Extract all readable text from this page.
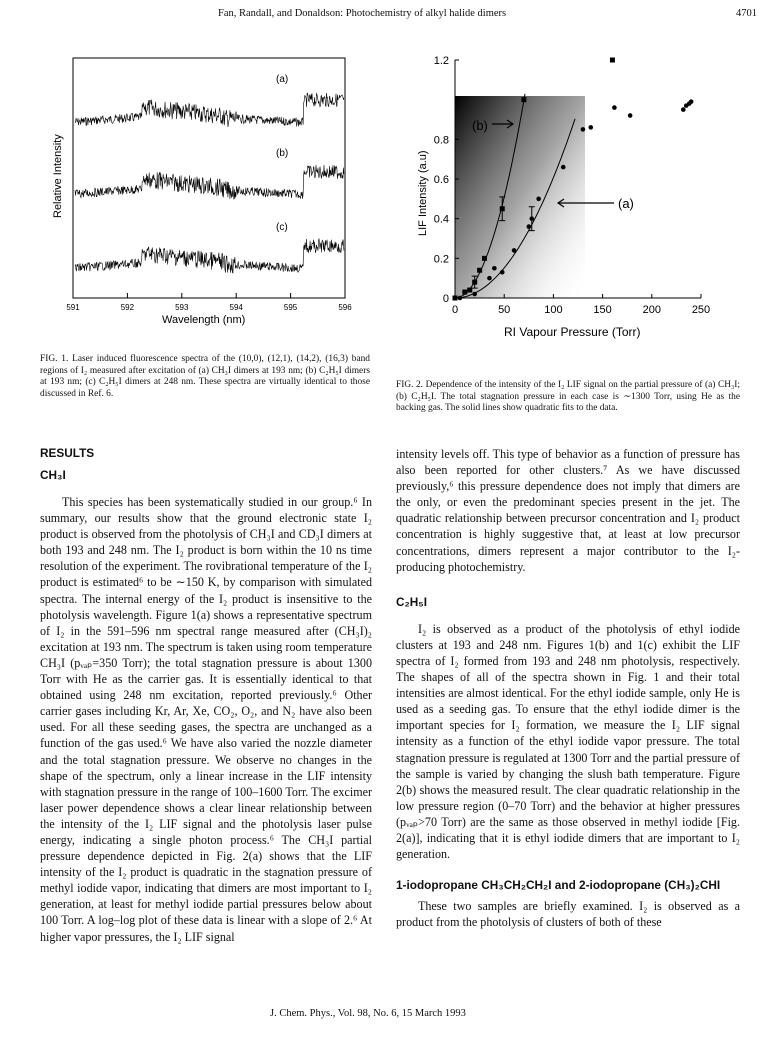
Fan, Randall, and Donaldson: Photochemistry of alkyl halide dimers	4701
591	592	593	594	595	596
(a)
(b)
(c)
Relative Intensity
Wavelength (nm)
FIG. 1. Laser induced fluorescence spectra of the (10,0), (12,1), (14,2), (16,3) band regions of I₂ measured after excitation of (a) CH₃I dimers at 193 nm; (b) C₂H₅I dimers at 193 nm; (c) C₂H₅I dimers at 248 nm. These spectra are virtually identical to those discussed in Ref. 6.
0	50	100	150	200	250
0
0.2
0.4
0.6
0.8
1.2
(b)
(a)
LIF Intensity (a.u)
RI Vapour Pressure (Torr)
FIG. 2. Dependence of the intensity of the I₂ LIF signal on the partial pressure of (a) CH₃I; (b) C₂H₅I. The total stagnation pressure in each case is ∼1300 Torr, using He as the backing gas. The solid lines show quadratic fits to the data.
RESULTS
CH₃I

This species has been systematically studied in our group.⁶ In summary, our results show that the ground electronic state I₂ product is observed from the photolysis of CH₃I and CD₃I dimers at both 193 and 248 nm. The I₂ product is born within the 10 ns time resolution of the experiment. The rovibrational temperature of the I₂ product is estimated⁶ to be ∼150 K, by comparison with simulated spectra. The internal energy of the I₂ product is insensitive to the photolysis wavelength. Figure 1(a) shows a representative spectrum of I₂ in the 591–596 nm spectral range measured after (CH₃I)₂ excitation at 193 nm. The spectrum is taken using room temperature CH₃I (pᵥₐₚ=350 Torr); the total stagnation pressure is about 1300 Torr with He as the carrier gas. It is essentially identical to that obtained using 248 nm excitation, reported previously.⁶ Other carrier gases including Kr, Ar, Xe, CO₂, O₂, and N₂ have also been used. For all these seeding gases, the spectra are unchanged as a function of the gas used.⁶ We have also varied the nozzle diameter and the total stagnation pressure. We observe no changes in the shape of the spectrum, only a linear increase in the LIF intensity with stagnation pressure in the range of 100–1600 Torr. The excimer laser power dependence shows a clear linear relationship between the intensity of the I₂ LIF signal and the photolysis laser pulse energy, indicating a single photon process.⁶ The CH₃I partial pressure dependence depicted in Fig. 2(a) shows that the LIF intensity of the I₂ product is quadratic in the stagnation pressure of methyl iodide vapor, indicating that dimers are most important to I₂ generation, at least for methyl iodide partial pressures below about 100 Torr. A log–log plot of these data is linear with a slope of 2.⁶ At higher vapor pressures, the I₂ LIF signal

intensity levels off. This type of behavior as a function of pressure has also been reported for other clusters.⁷ As we have discussed previously,⁶ this pressure dependence does not imply that dimers are the only, or even the predominant species present in the jet. The quadratic relationship between precursor concentration and I₂ product concentration is highly suggestive that, at least at low precursor concentrations, dimers represent a major contributor to the I₂-producing photochemistry.

C₂H₅I

I₂ is observed as a product of the photolysis of ethyl iodide clusters at 193 and 248 nm. Figures 1(b) and 1(c) exhibit the LIF spectra of I₂ formed from 193 and 248 nm photolysis, respectively. The shapes of all of the spectra shown in Fig. 1 and their total intensities are almost identical. For the ethyl iodide sample, only He is used as a seeding gas. To ensure that the ethyl iodide dimer is the important species for I₂ formation, we measure the I₂ LIF signal intensity as a function of the ethyl iodide vapor pressure. The total stagnation pressure is regulated at 1300 Torr and the partial pressure of the sample is varied by changing the slush bath temperature. Figure 2(b) shows the measured result. The clear quadratic relationship in the low pressure region (0–70 Torr) and the behavior at higher pressures (pᵥₐₚ>70 Torr) are the same as those observed in methyl iodide [Fig. 2(a)], indicating that it is ethyl iodide dimers that are important to I₂ generation.

1-iodopropane CH₃CH₂CH₂I and 2-iodopropane (CH₃)₂CHI

These two samples are briefly examined. I₂ is observed as a product from the photolysis of clusters of both of these

J. Chem. Phys., Vol. 98, No. 6, 15 March 1993
